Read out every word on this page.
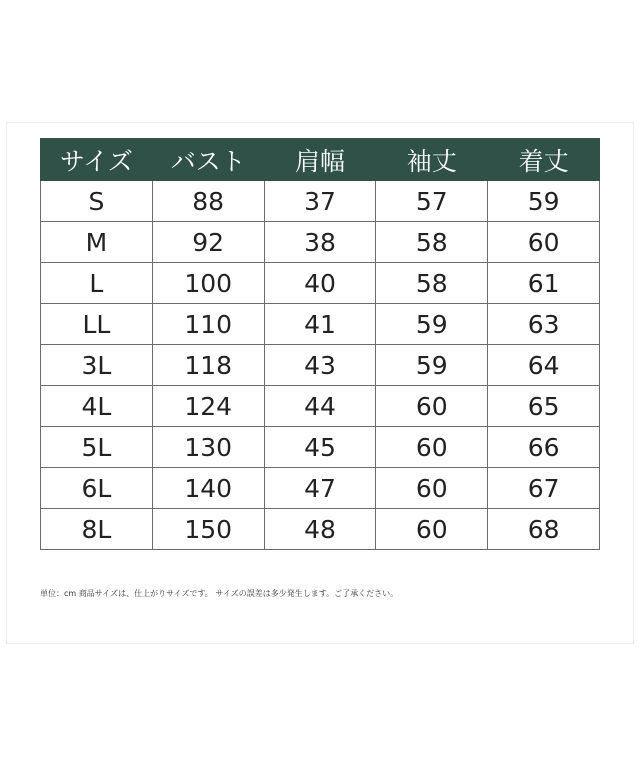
サイズ	バスト	肩幅	袖丈	着丈
S	88	37	57	59
M	92	38	58	60
L	100	40	58	61
LL	110	41	59	63
3L	118	43	59	64
4L	124	44	60	65
5L	130	45	60	66
6L	140	47	60	67
8L	150	48	60	68
単位：cm 商品サイズは、仕上がりサイズです。 サイズの誤差は多少発生します。ご了承ください。
